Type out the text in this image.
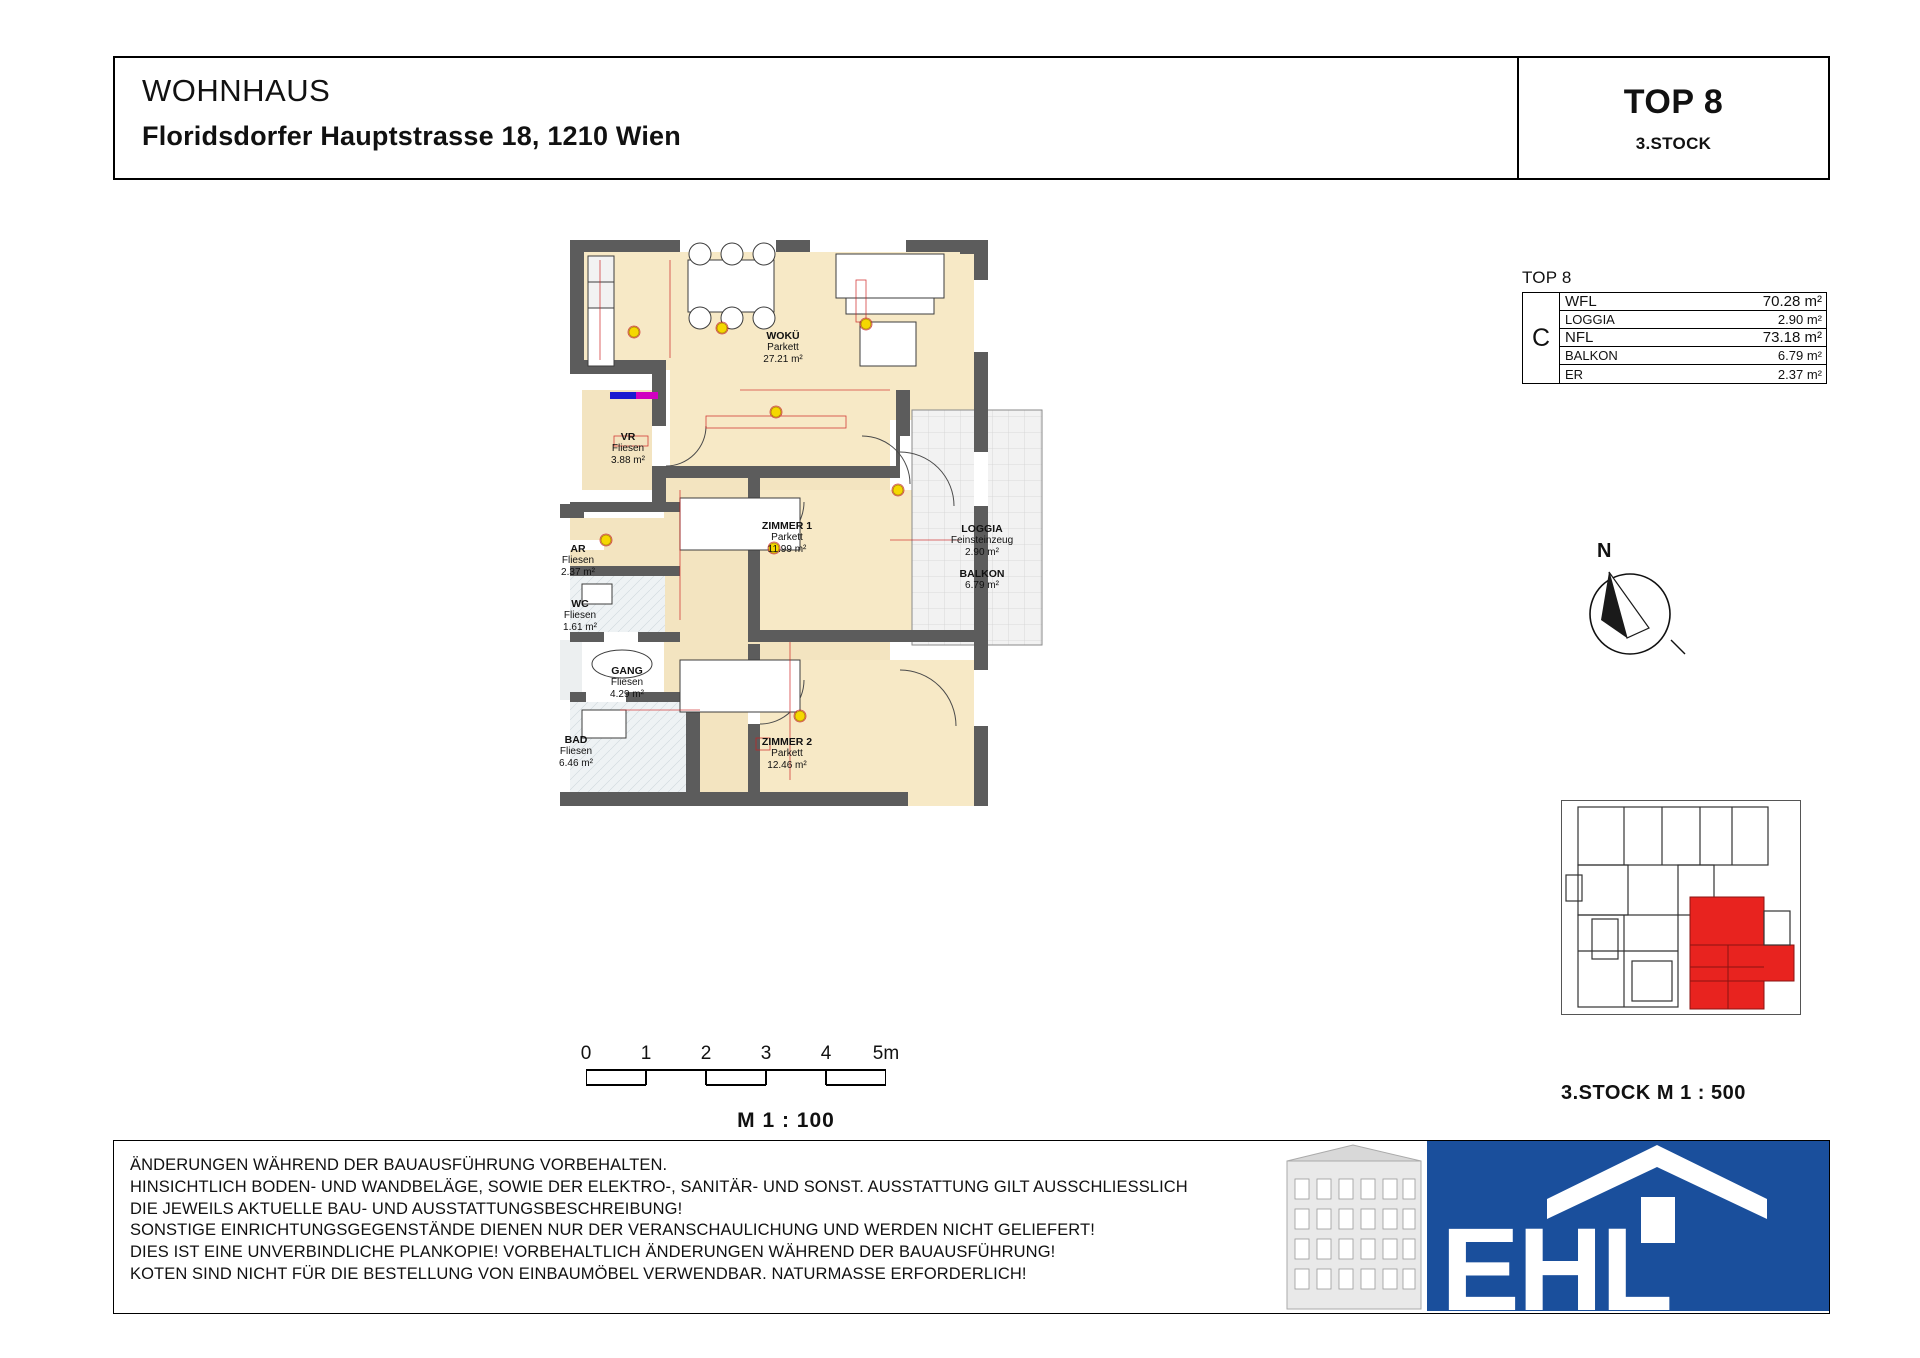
WOHNHAUS
Floridsdorfer Hauptstrasse 18, 1210 Wien
TOP 8
3.STOCK
TOP 8
C
WFL	70.28 m²
LOGGIA	2.90 m²
NFL	73.18 m²
BALKON	6.79 m²
ER	2.37 m²
N
3.STOCK M 1 : 500
WOKÜ
Parkett
27.21 m²
VR
Fliesen
3.88 m²
AR
Fliesen
2.37 m²
WC
Fliesen
1.61 m²
GANG
Fliesen
4.29 m²
BAD
Fliesen
6.46 m²
ZIMMER 1
Parkett
11.99 m²
ZIMMER 2
Parkett
12.46 m²
LOGGIA
Feinsteinzeug
2.90 m²
BALKON
6.79 m²
0	1	2	3	4 5m
M 1 : 100
ÄNDERUNGEN WÄHREND DER BAUAUSFÜHRUNG VORBEHALTEN.
HINSICHTLICH BODEN- UND WANDBELÄGE, SOWIE DER ELEKTRO-, SANITÄR- UND SONST. AUSSTATTUNG GILT AUSSCHLIESSLICH
DIE JEWEILS AKTUELLE BAU- UND AUSSTATTUNGSBESCHREIBUNG!
SONSTIGE EINRICHTUNGSGEGENSTÄNDE DIENEN NUR DER VERANSCHAULICHUNG UND WERDEN NICHT GELIEFERT!
DIES IST EINE UNVERBINDLICHE PLANKOPIE! VORBEHALTLICH ÄNDERUNGEN WÄHREND DER BAUAUSFÜHRUNG!
KOTEN SIND NICHT FÜR DIE BESTELLUNG VON EINBAUMÖBEL VERWENDBAR. NATURMASSE ERFORDERLICH!	EHL
